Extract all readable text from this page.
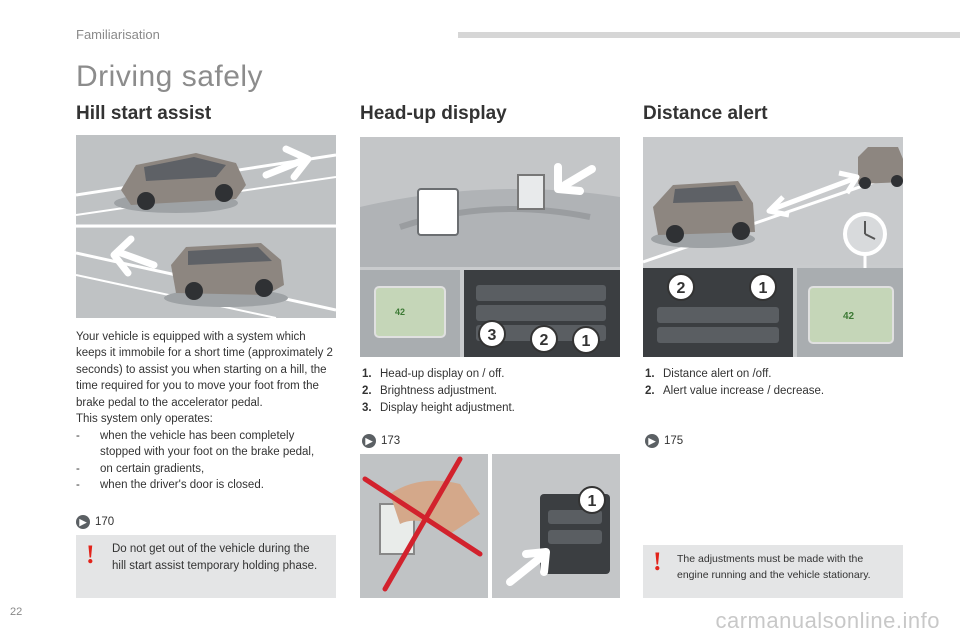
Familiarisation
Driving safely
Hill start assist
Your vehicle is equipped with a system which keeps it immobile for a short time (approximately 2 seconds) to assist you when starting on a hill, the time required for you to move your foot from the brake pedal to the accelerator pedal.
This system only operates:
-	when the vehicle has been completely stopped with your foot on the brake pedal,
-	on certain gradients,
-	when the driver's door is closed.
▶ 170
! Do not get out of the vehicle during the hill start assist temporary holding phase.
Head-up display
42
3	2 1
1. Head-up display on / off.
2. Brightness adjustment.
3. Display height adjustment.
▶ 173
1
Distance alert
2	1
42
1. Distance alert on /off.
2. Alert value increase / decrease.
▶ 175
! The adjustments must be made with the engine running and the vehicle stationary.
22	carmanualsonline.info
